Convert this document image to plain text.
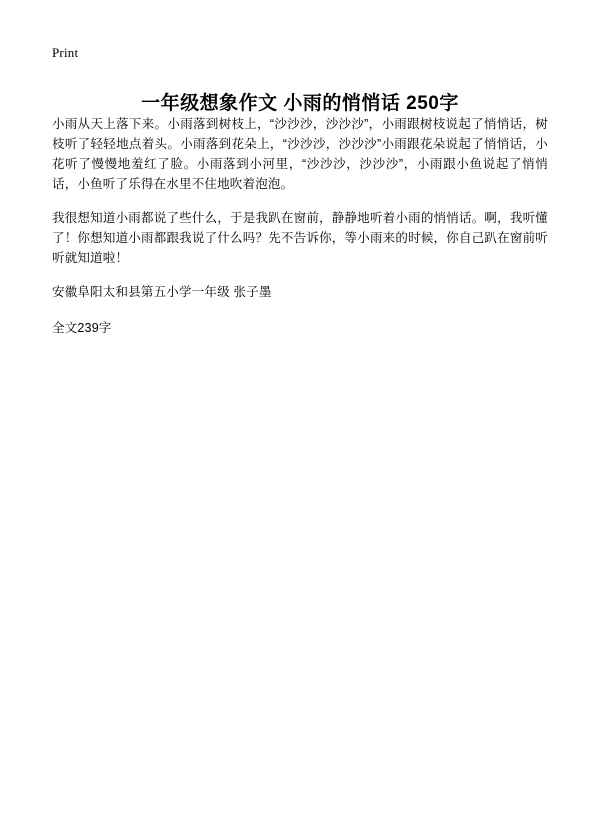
Print
一年级想象作文 小雨的悄悄话 250字

小雨从天上落下来。小雨落到树枝上，“沙沙沙，沙沙沙”，小雨跟树枝说起了悄悄话，树枝听了轻轻地点着头。小雨落到花朵上，“沙沙沙，沙沙沙”小雨跟花朵说起了悄悄话，小花听了慢慢地羞红了脸。小雨落到小河里，“沙沙沙，沙沙沙”，小雨跟小鱼说起了悄悄话，小鱼听了乐得在水里不住地吹着泡泡。

我很想知道小雨都说了些什么，于是我趴在窗前，静静地听着小雨的悄悄话。啊，我听懂了！你想知道小雨都跟我说了什么吗？先不告诉你，等小雨来的时候，你自己趴在窗前听听就知道啦！

安徽阜阳太和县第五小学一年级 张子墨

全文239字
